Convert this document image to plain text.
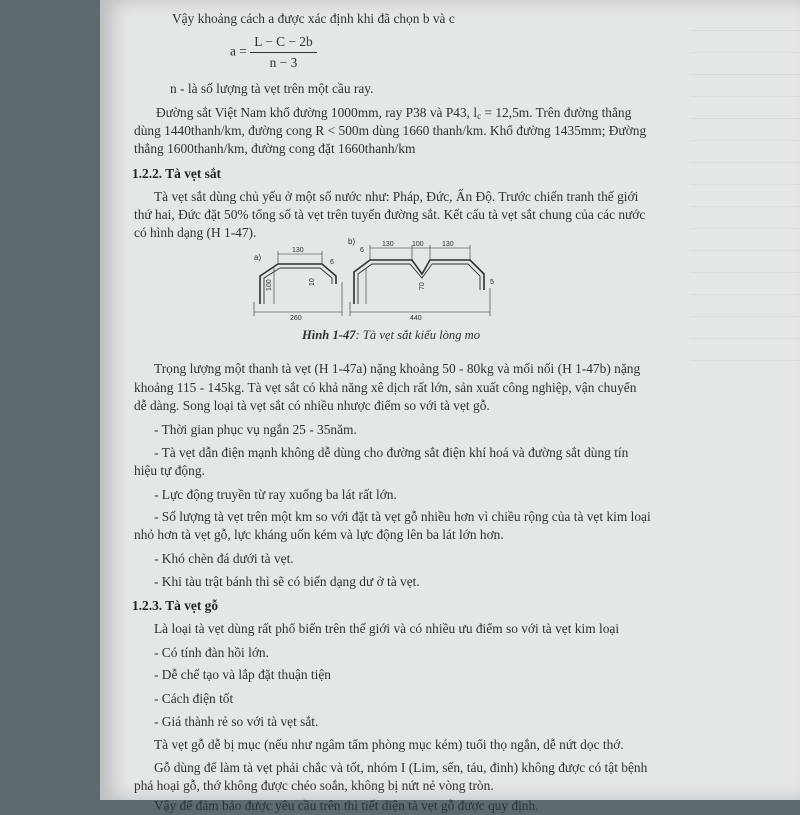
Vậy khoảng cách a được xác định khi đã chọn b và c
$a = \frac{L - C - 2b}{n - 3}$
n - là số lượng tà vẹt trên một cầu ray.
Đường sắt Việt Nam khổ đường 1000mm, ray P38 và P43, $l_c = 12,5m$. Trên đường thẳng
dùng 1440thanh/km, đường cong R < 500m dùng 1660 thanh/km. Khổ đường 1435mm; Đường
thẳng 1600thanh/km, đường cong đặt 1660thanh/km
1.2.2. Tà vẹt sắt
Tà vẹt sắt dùng chủ yếu ở một số nước như: Pháp, Đức, Ấn Độ. Trước chiến tranh thế giới
thứ hai, Đức đặt 50% tổng số tà vẹt trên tuyến đường sắt. Kết cấu tà vẹt sắt chung của các nước
có hình dạng (H 1-47).
a)
130
100	10
6
260
b)
6
130	100	130
70	5
440
Hình 1-47: Tà vẹt sắt kiểu lòng mo
Trọng lượng một thanh tà vẹt (H 1-47a) nặng khoảng 50 - 80kg và mối nối (H 1-47b) nặng
khoảng 115 - 145kg. Tà vẹt sắt có khả năng xê dịch rất lớn, sản xuất công nghiệp, vận chuyển
dễ dàng. Song loại tà vẹt sắt có nhiều nhược điểm so với tà vẹt gỗ.
- Thời gian phục vụ ngắn 25 - 35năm.
- Tà vẹt dẫn điện mạnh không dễ dùng cho đường sắt điện khí hoá và đường sắt dùng tín
hiệu tự động.
- Lực động truyền từ ray xuống ba lát rất lớn.
- Số lượng tà vẹt trên một km so với đặt tà vẹt gỗ nhiều hơn vì chiều rộng của tà vẹt kim loại
nhỏ hơn tà vẹt gỗ, lực kháng uốn kém và lực động lên ba lát lớn hơn.
- Khó chèn đá dưới tà vẹt.
- Khi tàu trật bánh thì sẽ có biến dạng dư ở tà vẹt.
1.2.3. Tà vẹt gỗ
Là loại tà vẹt dùng rất phổ biến trên thế giới và có nhiều ưu điểm so với tà vẹt kim loại
- Có tính đàn hồi lớn.
- Dễ chế tạo và lắp đặt thuận tiện
- Cách điện tốt
- Giá thành rẻ so với tà vẹt sắt.
Tà vẹt gỗ dễ bị mục (nếu như ngâm tẩm phòng mục kém) tuổi thọ ngắn, dễ nứt dọc thớ.
Gỗ dùng để làm tà vẹt phải chắc và tốt, nhóm I (Lim, sến, táu, đinh) không được có tật bệnh
phá hoại gỗ, thớ không được chéo soắn, không bị nứt nẻ vòng tròn.
Vậy để đảm bảo được yêu cầu trên thì tiết diện tà vẹt gỗ được quy định.
